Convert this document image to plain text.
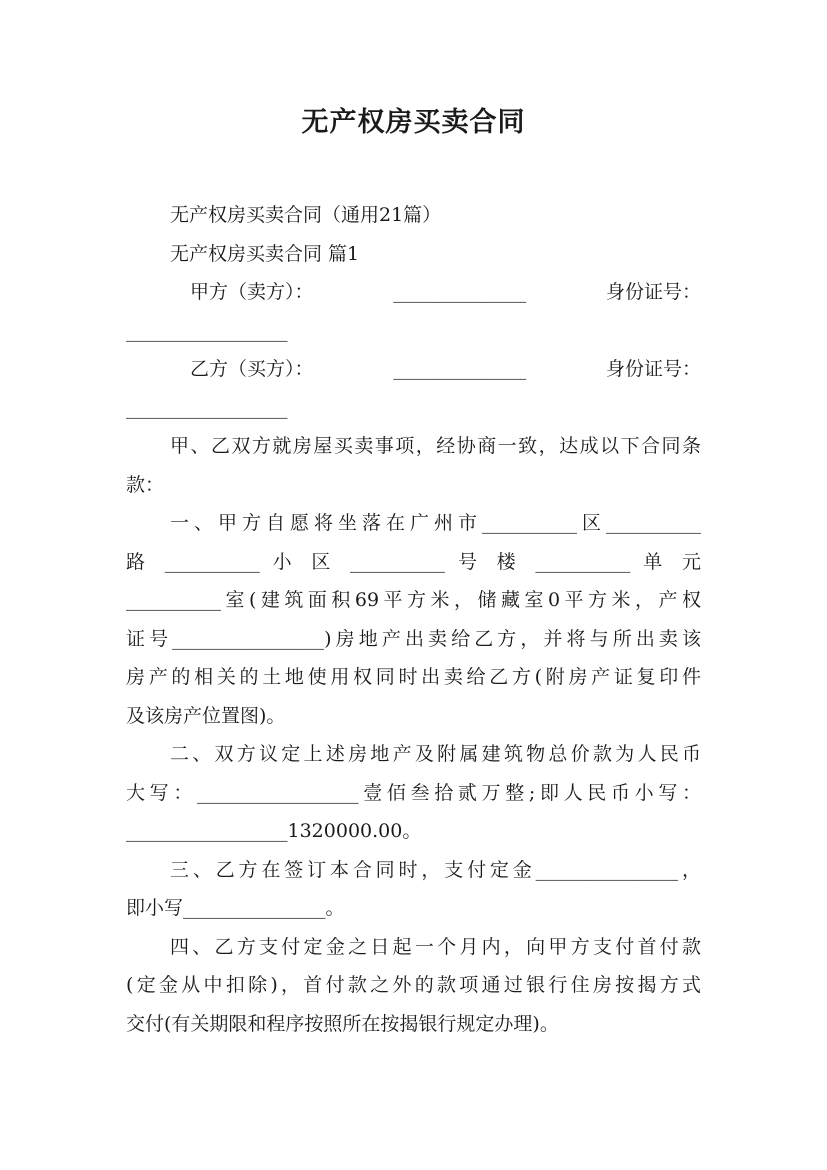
无产权房买卖合同

无产权房买卖合同（通用21篇）

无产权房买卖合同 篇1

甲方（卖方）：	______________	身份证号：

_________________

乙方（买方）：	______________	身份证号：

_________________

甲、乙双方就房屋买卖事项，经协商一致，达成以下合同条款：

一、甲方自愿将坐落在广州市__________区__________

路 __________ 小 区 __________ 号 楼 __________ 单 元

__________室(建筑面积69平方米，储藏室0平方米，产权

证号________________)房地产出卖给乙方，并将与所出卖该

房产的相关的土地使用权同时出卖给乙方(附房产证复印件

及该房产位置图)。

二、双方议定上述房地产及附属建筑物总价款为人民币

大写：_________________壹佰叁拾贰万整;即人民币小写：

_________________1320000.00。

三、乙方在签订本合同时，支付定金_______________，

即小写_______________。

四、乙方支付定金之日起一个月内，向甲方支付首付款

(定金从中扣除)，首付款之外的款项通过银行住房按揭方式

交付(有关期限和程序按照所在按揭银行规定办理)。
